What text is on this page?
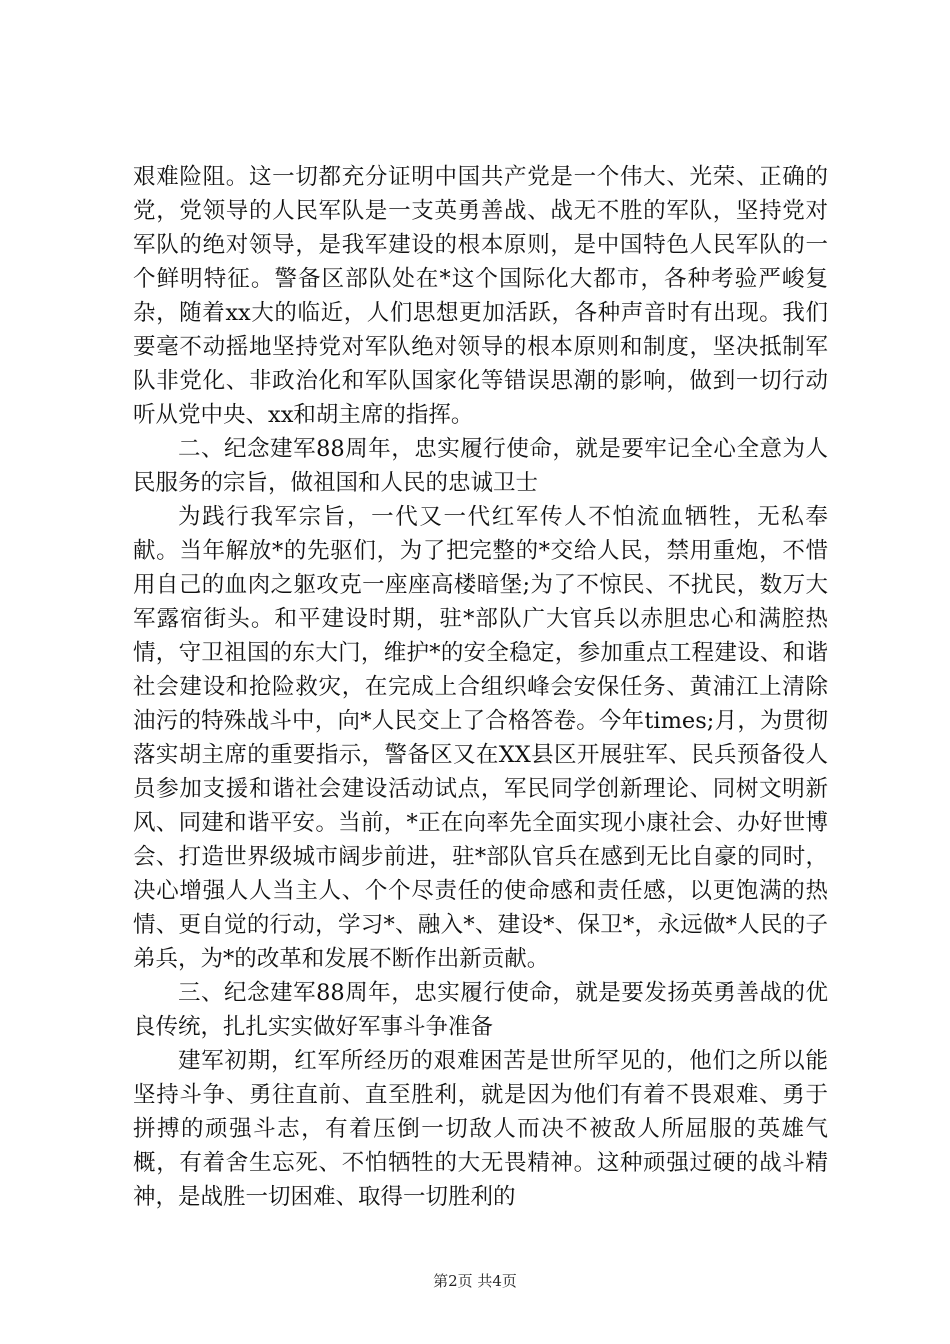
艰难险阻。这一切都充分证明中国共产党是一个伟大、光荣、正确的党，党领导的人民军队是一支英勇善战、战无不胜的军队，坚持党对军队的绝对领导，是我军建设的根本原则，是中国特色人民军队的一个鲜明特征。警备区部队处在*这个国际化大都市，各种考验严峻复杂，随着xx大的临近，人们思想更加活跃，各种声音时有出现。我们要毫不动摇地坚持党对军队绝对领导的根本原则和制度，坚决抵制军队非党化、非政治化和军队国家化等错误思潮的影响，做到一切行动听从党中央、xx和胡主席的指挥。

二、纪念建军88周年，忠实履行使命，就是要牢记全心全意为人民服务的宗旨，做祖国和人民的忠诚卫士

为践行我军宗旨，一代又一代红军传人不怕流血牺牲，无私奉献。当年解放*的先驱们，为了把完整的*交给人民，禁用重炮，不惜用自己的血肉之躯攻克一座座高楼暗堡;为了不惊民、不扰民，数万大军露宿街头。和平建设时期，驻*部队广大官兵以赤胆忠心和满腔热情，守卫祖国的东大门，维护*的安全稳定，参加重点工程建设、和谐社会建设和抢险救灾，在完成上合组织峰会安保任务、黄浦江上清除油污的特殊战斗中，向*人民交上了合格答卷。今年times;月，为贯彻落实胡主席的重要指示，警备区又在XX县区开展驻军、民兵预备役人员参加支援和谐社会建设活动试点，军民同学创新理论、同树文明新风、同建和谐平安。当前，*正在向率先全面实现小康社会、办好世博会、打造世界级城市阔步前进，驻*部队官兵在感到无比自豪的同时，决心增强人人当主人、个个尽责任的使命感和责任感，以更饱满的热情、更自觉的行动，学习*、融入*、建设*、保卫*，永远做*人民的子弟兵，为*的改革和发展不断作出新贡献。

三、纪念建军88周年，忠实履行使命，就是要发扬英勇善战的优良传统，扎扎实实做好军事斗争准备

建军初期，红军所经历的艰难困苦是世所罕见的，他们之所以能坚持斗争、勇往直前、直至胜利，就是因为他们有着不畏艰难、勇于拼搏的顽强斗志，有着压倒一切敌人而决不被敌人所屈服的英雄气概，有着舍生忘死、不怕牺牲的大无畏精神。这种顽强过硬的战斗精神，是战胜一切困难、取得一切胜利的

第2页 共4页
